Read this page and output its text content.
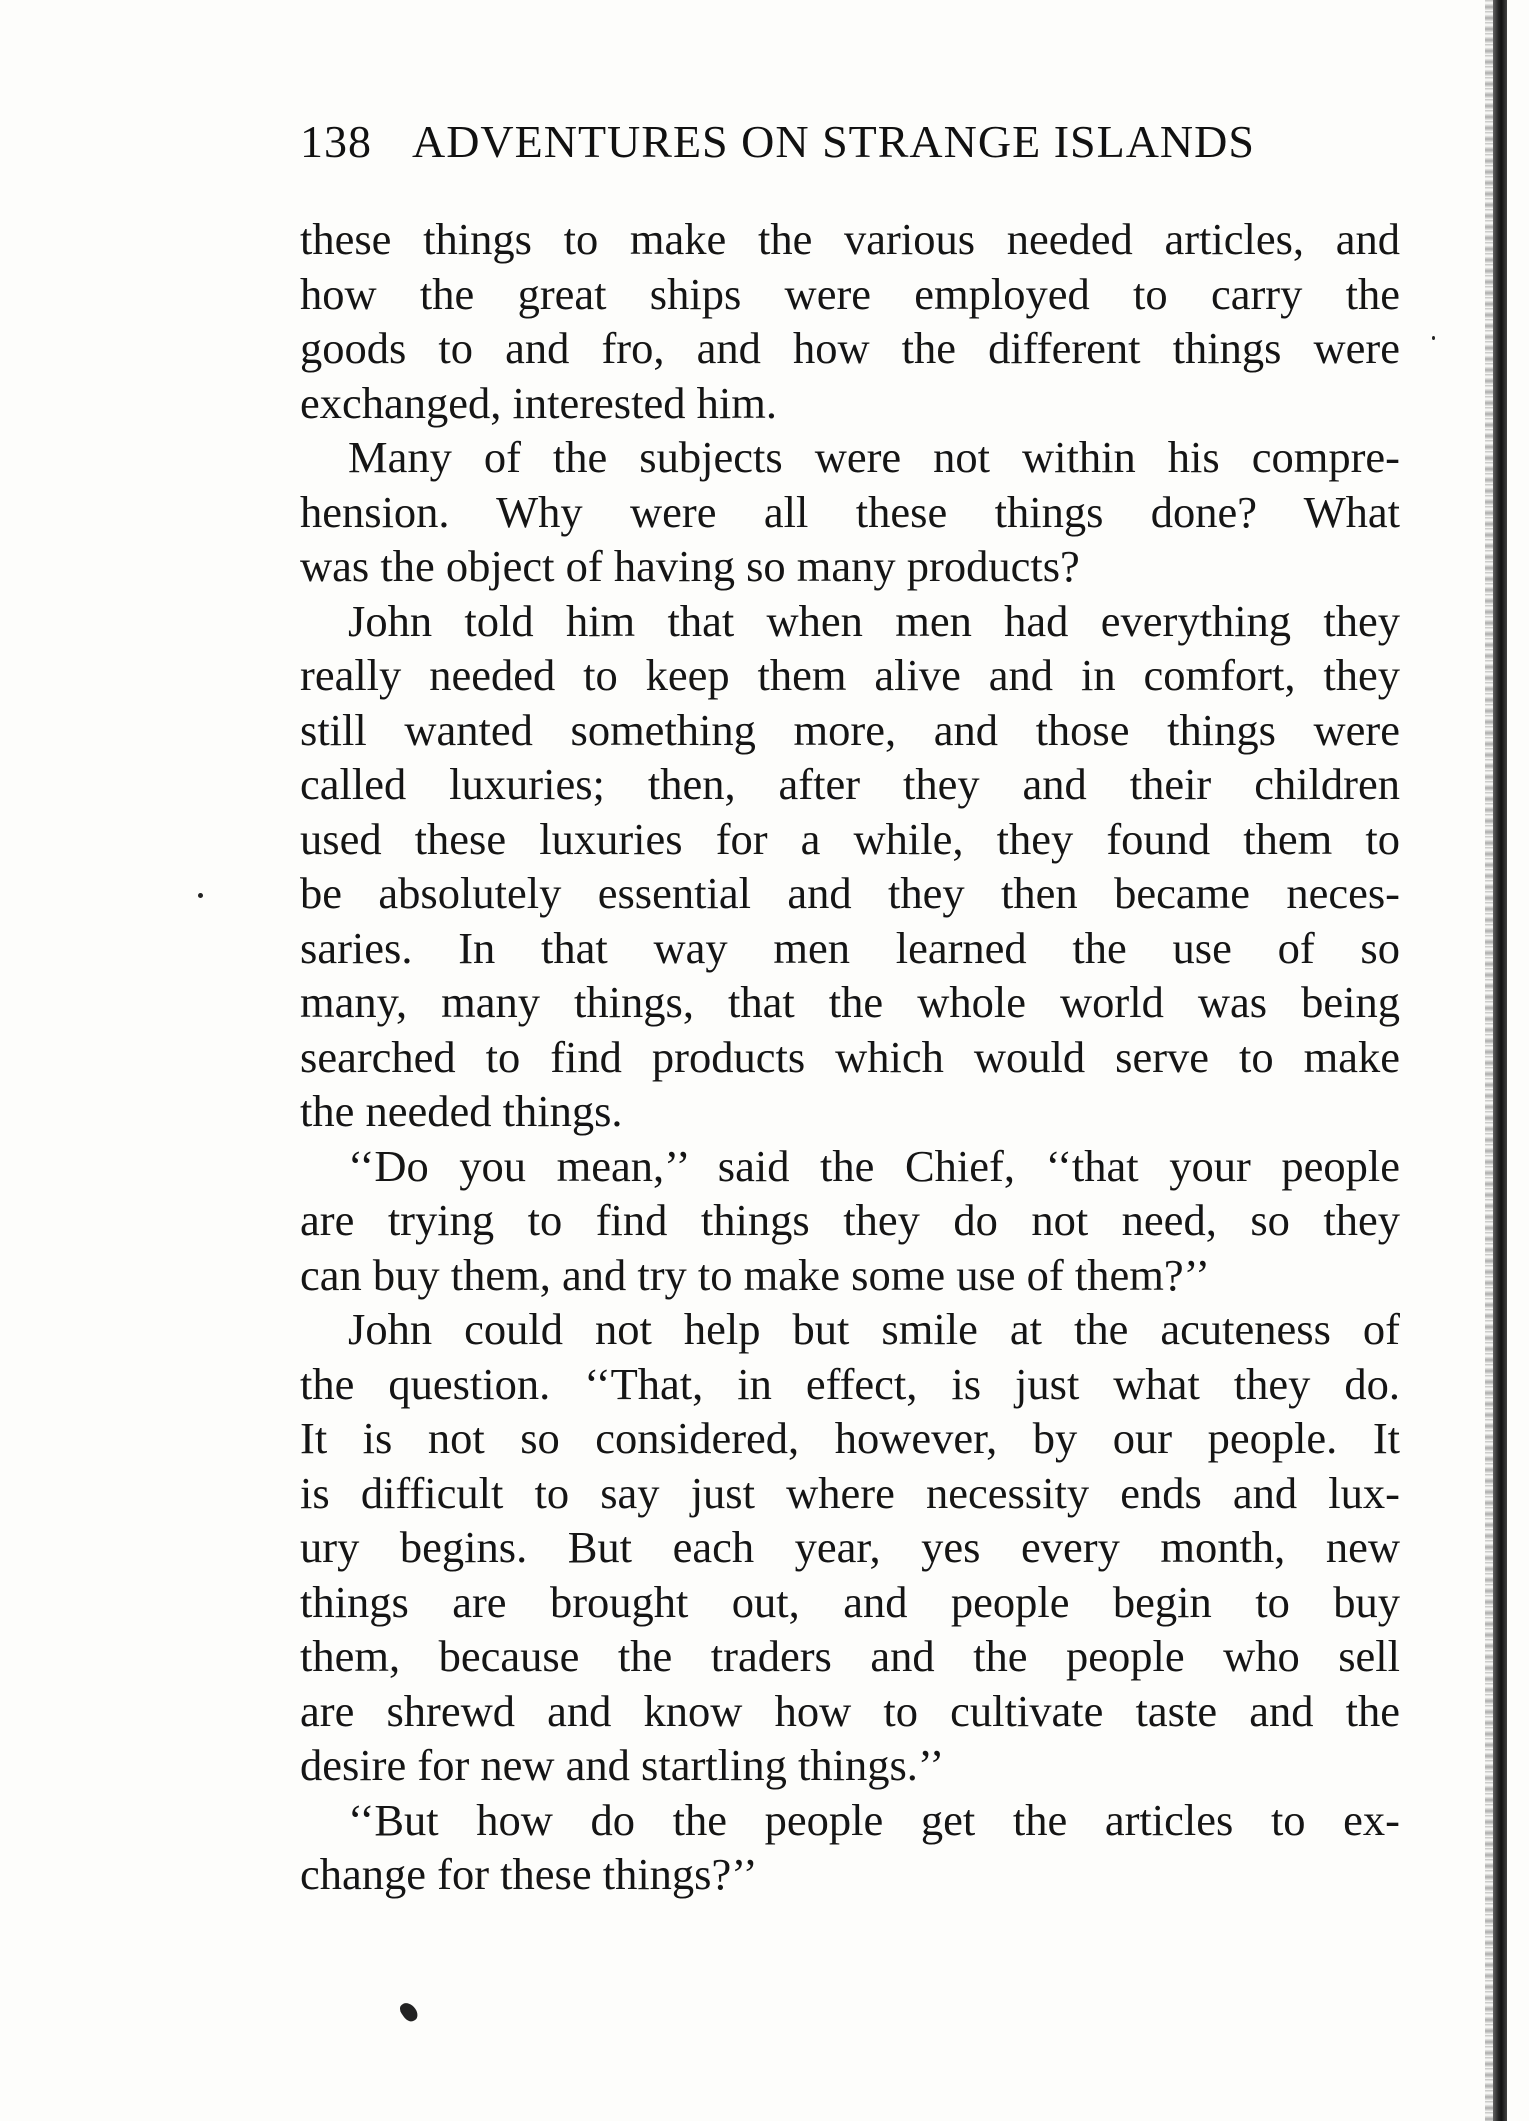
138 ADVENTURES ON STRANGE ISLANDS
these things to make the various needed articles, and
how the great ships were employed to carry the
goods to and fro, and how the different things were
exchanged, interested him.
Many of the subjects were not within his compre-
hension. Why were all these things done? What
was the object of having so many products?
John told him that when men had everything they
really needed to keep them alive and in comfort, they
still wanted something more, and those things were
called luxuries; then, after they and their children
used these luxuries for a while, they found them to
be absolutely essential and they then became neces-
saries. In that way men learned the use of so
many, many things, that the whole world was being
searched to find products which would serve to make
the needed things.
‘‘Do you mean,’’ said the Chief, ‘‘that your people
are trying to find things they do not need, so they
can buy them, and try to make some use of them?’’
John could not help but smile at the acuteness of
the question. ‘‘That, in effect, is just what they do.
It is not so considered, however, by our people. It
is difficult to say just where necessity ends and lux-
ury begins. But each year, yes every month, new
things are brought out, and people begin to buy
them, because the traders and the people who sell
are shrewd and know how to cultivate taste and the
desire for new and startling things.’’
‘‘But how do the people get the articles to ex-
change for these things?’’
